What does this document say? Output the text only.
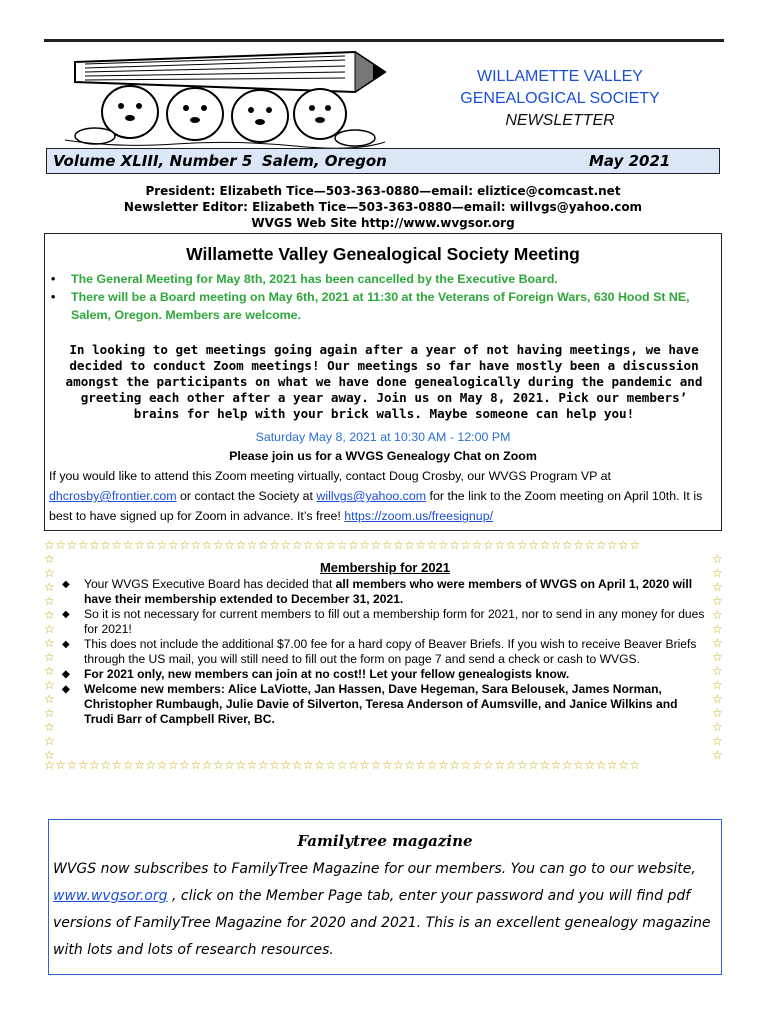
WILLAMETTE VALLEY
GENEALOGICAL SOCIETY
NEWSLETTER
Volume XLIII, Number 5 Salem, Oregon	May 2021
President: Elizabeth Tice—503-363-0880—email: eliztice@comcast.net
Newsletter Editor: Elizabeth Tice—503-363-0880—email: willvgs@yahoo.com
WVGS Web Site http://www.wvgsor.org
Willamette Valley Genealogical Society Meeting
• The General Meeting for May 8th, 2021 has been cancelled by the Executive Board.
• There will be a Board meeting on May 6th, 2021 at 11:30 at the Veterans of Foreign Wars, 630 Hood St NE, Salem, Oregon. Members are welcome.
In looking to get meetings going again after a year of not having meetings, we have decided to conduct Zoom meetings! Our meetings so far have mostly been a discussion amongst the participants on what we have done genealogically during the pandemic and greeting each other after a year away. Join us on May 8, 2021. Pick our members’ brains for help with your brick walls. Maybe someone can help you!
Saturday May 8, 2021 at 10:30 AM - 12:00 PM
Please join us for a WVGS Genealogy Chat on Zoom
If you would like to attend this Zoom meeting virtually, contact Doug Crosby, our WVGS Program VP at dhcrosby@frontier.com or contact the Society at willvgs@yahoo.com for the link to the Zoom meeting on April 10th. It is best to have signed up for Zoom in advance. It’s free! https://zoom.us/freesignup/
☆☆☆☆☆☆☆☆☆☆☆☆☆☆☆☆☆☆☆☆☆☆☆☆☆☆☆☆☆☆☆☆☆☆☆☆☆☆☆☆☆☆☆☆☆☆☆☆☆☆☆☆☆
☆☆☆☆☆☆☆☆☆☆☆☆☆☆☆
☆☆☆☆☆☆☆☆☆☆☆☆☆☆☆
☆☆☆☆☆☆☆☆☆☆☆☆☆☆☆☆☆☆☆☆☆☆☆☆☆☆☆☆☆☆☆☆☆☆☆☆☆☆☆☆☆☆☆☆☆☆☆☆☆☆☆☆☆
Membership for 2021
◆ Your WVGS Executive Board has decided that all members who were members of WVGS on April 1, 2020 will have their membership extended to December 31, 2021.
◆ So it is not necessary for current members to fill out a membership form for 2021, nor to send in any money for dues for 2021!
◆ This does not include the additional $7.00 fee for a hard copy of Beaver Briefs. If you wish to receive Beaver Briefs through the US mail, you will still need to fill out the form on page 7 and send a check or cash to WVGS.
◆ For 2021 only, new members can join at no cost!! Let your fellow genealogists know.
◆ Welcome new members: Alice LaViotte, Jan Hassen, Dave Hegeman, Sara Belousek, James Norman, Christopher Rumbaugh, Julie Davie of Silverton, Teresa Anderson of Aumsville, and Janice Wilkins and Trudi Barr of Campbell River, BC.
Familytree magazine
WVGS now subscribes to FamilyTree Magazine for our members. You can go to our website, www.wvgsor.org , click on the Member Page tab, enter your password and you will find pdf versions of FamilyTree Magazine for 2020 and 2021. This is an excellent genealogy magazine with lots and lots of research resources.
